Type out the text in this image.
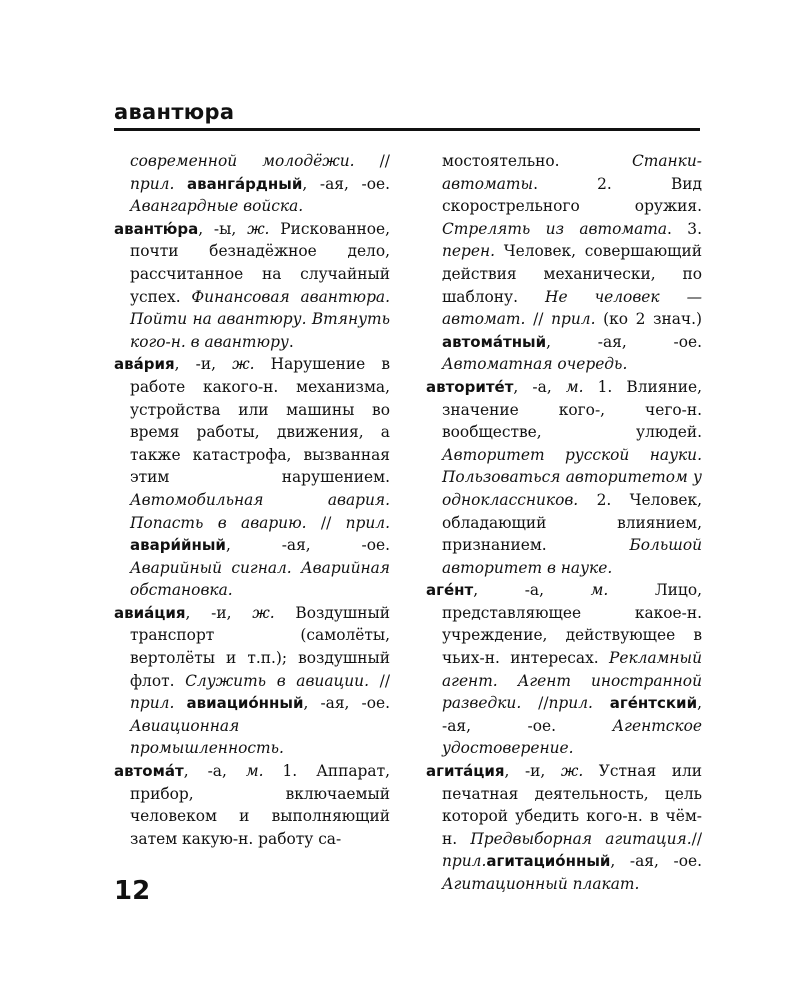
авантюра

современной молодёжи. // прил. авангáрдный, -ая, -ое. Авангардные войска.

авантю́ра, -ы, ж. Рискованное, почти безнадёжное дело, рассчитанное на случайный успех. Финансовая авантюра. Пойти на авантюру. Втянуть кого-н. в авантюру.

авáрия, -и, ж. Нарушение в работе какого-н. механизма, устройства или машины во время работы, движения, а также катастрофа, вызванная этим нарушением. Автомобильная авария. Попасть в аварию. // прил. авари́йный, -ая, -ое. Аварийный сигнал. Аварийная обстановка.

авиáция, -и, ж. Воздушный транспорт (самолёты, вертолёты и т.п.); воздушный флот. Служить в авиации. // прил. авиациóнный, -ая, -ое. Авиационная промышленность.

автомáт, -а, м. 1. Аппарат, прибор, включаемый человеком и выполняющий затем какую-н. работу са-

мостоятельно. Станки-автоматы. 2. Вид скорострельного оружия. Стрелять из автомата. 3. перен. Человек, совершающий действия механически, по шаблону. Не человек — автомат. // прил. (ко 2 знач.) автомáтный, -ая, -ое. Автоматная очередь.

авторитéт, -а, м. 1. Влияние, значение кого-, чего-н. вообществе, улюдей. Авторитет русской науки. Пользоваться авторитетом у одноклассников. 2. Человек, обладающий влиянием, признанием. Большой авторитет в науке.

агéнт, -а, м. Лицо, представляющее какое-н. учреждение, действующее в чьих-н. интересах. Рекламный агент. Агент иностранной разведки. //прил. агéнтский, -ая, -ое. Агентское удостоверение.

агитáция, -и, ж. Устная или печатная деятельность, цель которой убедить кого-н. в чём-н. Предвыборная агитация.//прил.агитациóнный, -ая, -ое. Агитационный плакат.

12
